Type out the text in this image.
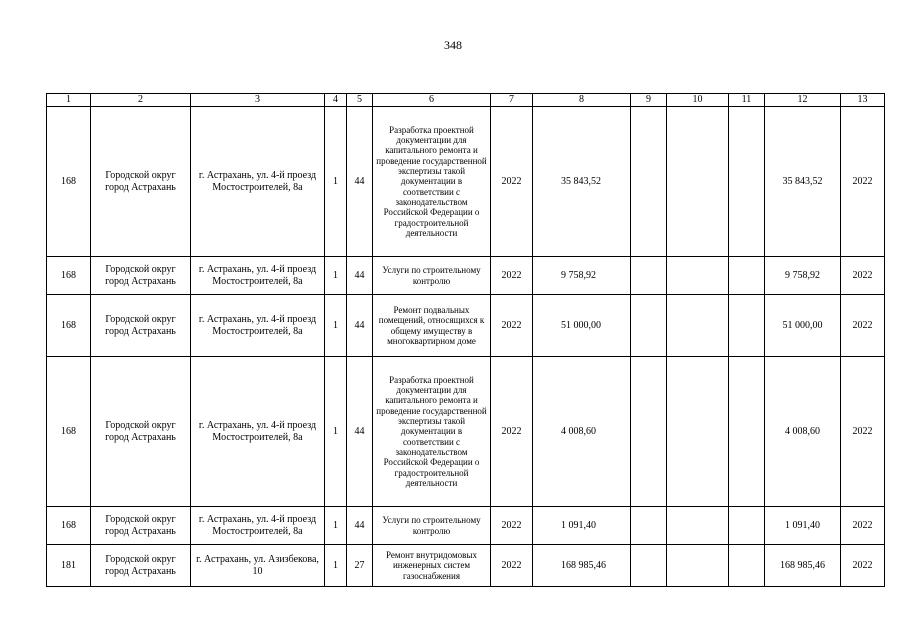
348
1	2	3	4	5	6	7	8	9	10	11	12	13
168	Городской округ город Астрахань	г. Астрахань, ул. 4-й проезд Мостостроителей, 8а	1	44	Разработка проектной документации для капитального ремонта и проведение государственной экспертизы такой документации в соответствии с законодательством Российской Федерации о градостроительной деятельности	2022	35 843,52				35 843,52	2022
168	Городской округ город Астрахань	г. Астрахань, ул. 4-й проезд Мостостроителей, 8а	1	44	Услуги по строительному контролю	2022	9 758,92				9 758,92	2022
168	Городской округ город Астрахань	г. Астрахань, ул. 4-й проезд Мостостроителей, 8а	1	44	Ремонт подвальных помещений, относящихся к общему имуществу в многоквартирном доме	2022	51 000,00				51 000,00	2022
168	Городской округ город Астрахань	г. Астрахань, ул. 4-й проезд Мостостроителей, 8а	1	44	Разработка проектной документации для капитального ремонта и проведение государственной экспертизы такой документации в соответствии с законодательством Российской Федерации о градостроительной деятельности	2022	4 008,60				4 008,60	2022
168	Городской округ город Астрахань	г. Астрахань, ул. 4-й проезд Мостостроителей, 8а	1	44	Услуги по строительному контролю	2022	1 091,40				1 091,40	2022
181	Городской округ город Астрахань	г. Астрахань, ул. Азизбекова, 10	1	27	Ремонт внутридомовых инженерных систем газоснабжения	2022	168 985,46				168 985,46	2022
